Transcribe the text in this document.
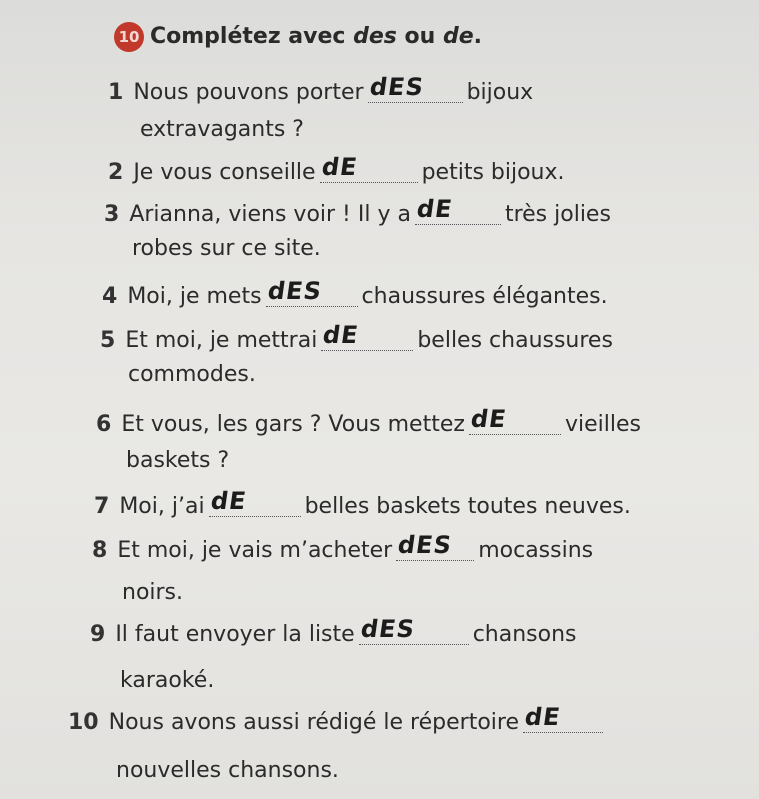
10 Complétez avec des ou de.
1 Nous pouvons porter dES bijoux
extravagants ?
2 Je vous conseille dE	petits bijoux.
3 Arianna, viens voir ! Il y a dE très jolies
robes sur ce site.
4 Moi, je mets dES chaussures élégantes.
5 Et moi, je mettrai dE	belles chaussures
commodes.
6 Et vous, les gars ? Vous mettez dE	vieilles
baskets ?
7 Moi, j’ai dE	belles baskets toutes neuves.
8 Et moi, je vais m’acheter dES mocassins
noirs.
9 Il faut envoyer la liste dES	chansons
karaoké.
10 Nous avons aussi rédigé le répertoire dE
nouvelles chansons.
